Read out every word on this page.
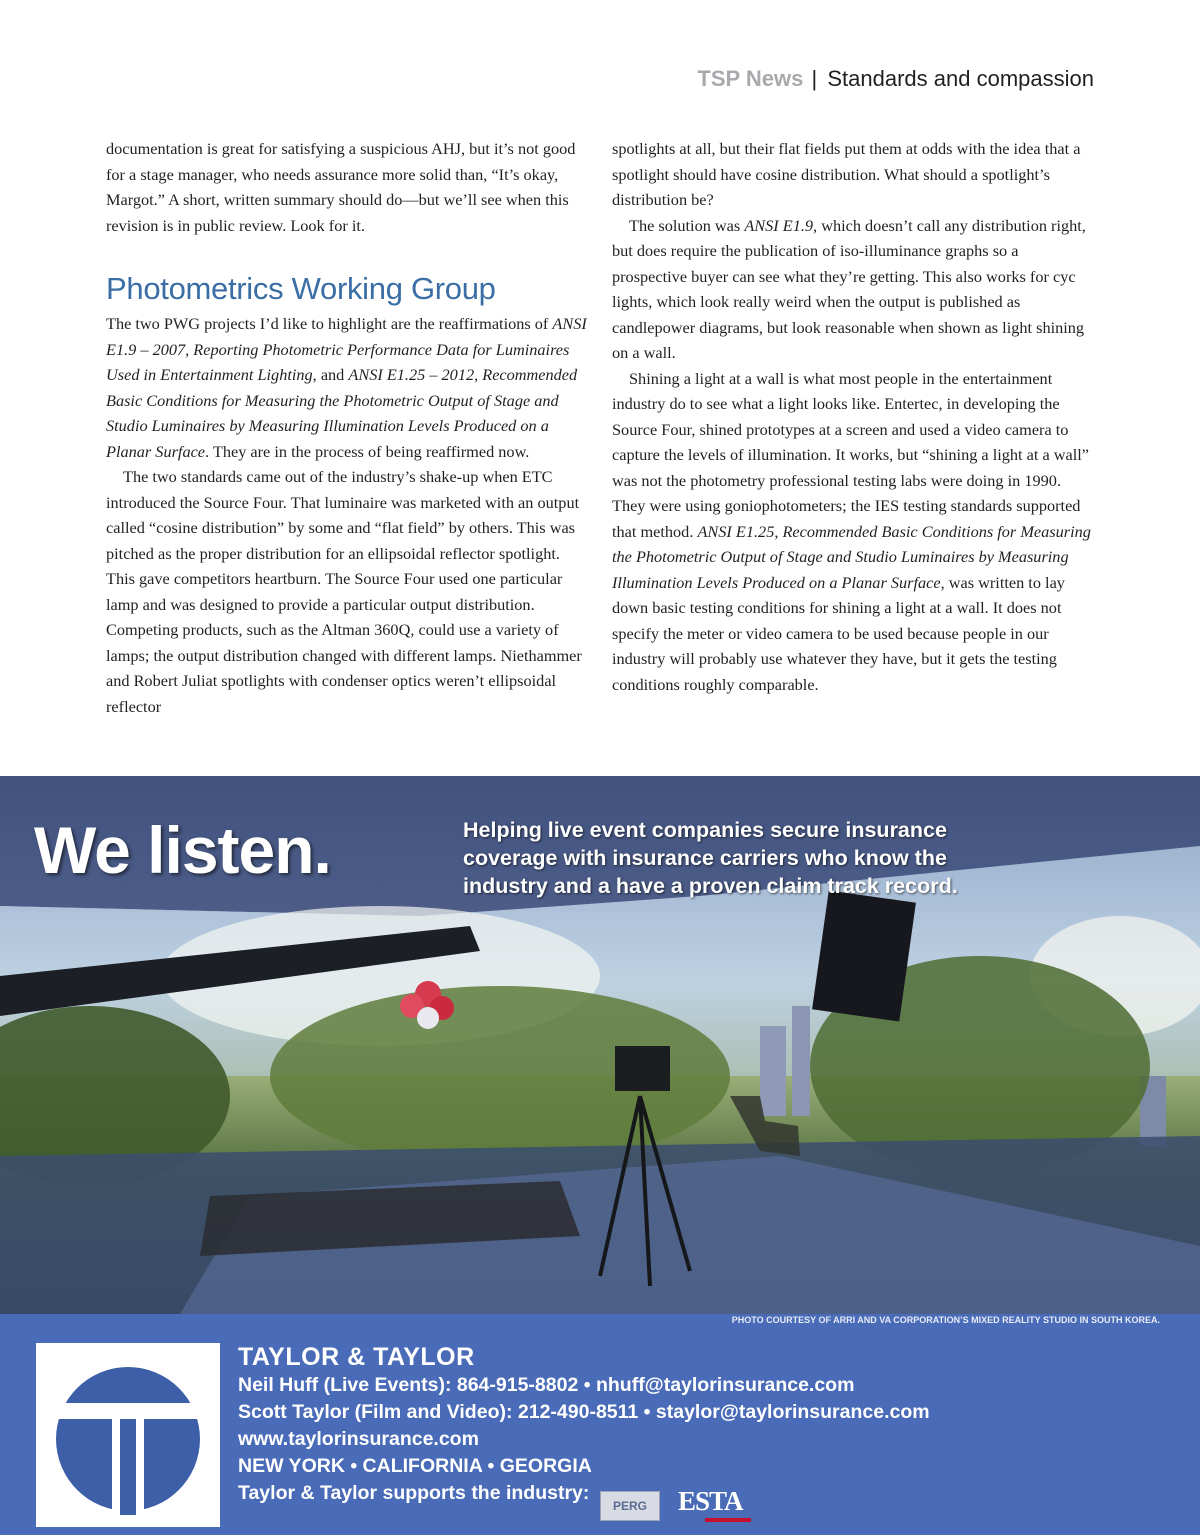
TSP News | Standards and compassion

documentation is great for satisfying a suspicious AHJ, but it’s not good for a stage manager, who needs assurance more solid than, “It’s okay, Margot.” A short, written summary should do—but we’ll see when this revision is in public review. Look for it.

Photometrics Working Group

The two PWG projects I’d like to highlight are the reaffirmations of ANSI E1.9 – 2007, Reporting Photometric Performance Data for Luminaires Used in Entertainment Lighting, and ANSI E1.25 – 2012, Recommended Basic Conditions for Measuring the Photometric Output of Stage and Studio Luminaires by Measuring Illumination Levels Produced on a Planar Surface. They are in the process of being reaffirmed now.

The two standards came out of the industry’s shake-up when ETC introduced the Source Four. That luminaire was marketed with an output called “cosine distribution” by some and “flat field” by others. This was pitched as the proper distribution for an ellipsoidal reflector spotlight. This gave competitors heartburn. The Source Four used one particular lamp and was designed to provide a particular output distribution. Competing products, such as the Altman 360Q, could use a variety of lamps; the output distribution changed with different lamps. Niethammer and Robert Juliat spotlights with condenser optics weren’t ellipsoidal reflector

spotlights at all, but their flat fields put them at odds with the idea that a spotlight should have cosine distribution. What should a spotlight’s distribution be?

The solution was ANSI E1.9, which doesn’t call any distribution right, but does require the publication of iso-illuminance graphs so a prospective buyer can see what they’re getting. This also works for cyc lights, which look really weird when the output is published as candlepower diagrams, but look reasonable when shown as light shining on a wall.

Shining a light at a wall is what most people in the entertainment industry do to see what a light looks like. Entertec, in developing the Source Four, shined prototypes at a screen and used a video camera to capture the levels of illumination. It works, but “shining a light at a wall” was not the photometry professional testing labs were doing in 1990. They were using goniophotometers; the IES testing standards supported that method. ANSI E1.25, Recommended Basic Conditions for Measuring the Photometric Output of Stage and Studio Luminaires by Measuring Illumination Levels Produced on a Planar Surface, was written to lay down basic testing conditions for shining a light at a wall. It does not specify the meter or video camera to be used because people in our industry will probably use whatever they have, but it gets the testing conditions roughly comparable.

We listen.	Helping live event companies secure insurance
coverage with insurance carriers who know the
industry and a have a proven claim track record.
PHOTO COURTESY OF ARRI AND VA CORPORATION’S MIXED REALITY STUDIO IN SOUTH KOREA.
TAYLOR & TAYLOR
Neil Huff (Live Events): 864-915-8802 • nhuff@taylorinsurance.com
Scott Taylor (Film and Video): 212-490-8511 • staylor@taylorinsurance.com
www.taylorinsurance.com
NEW YORK • CALIFORNIA • GEORGIA
Taylor & Taylor supports the industry:
PERG	ESTA
